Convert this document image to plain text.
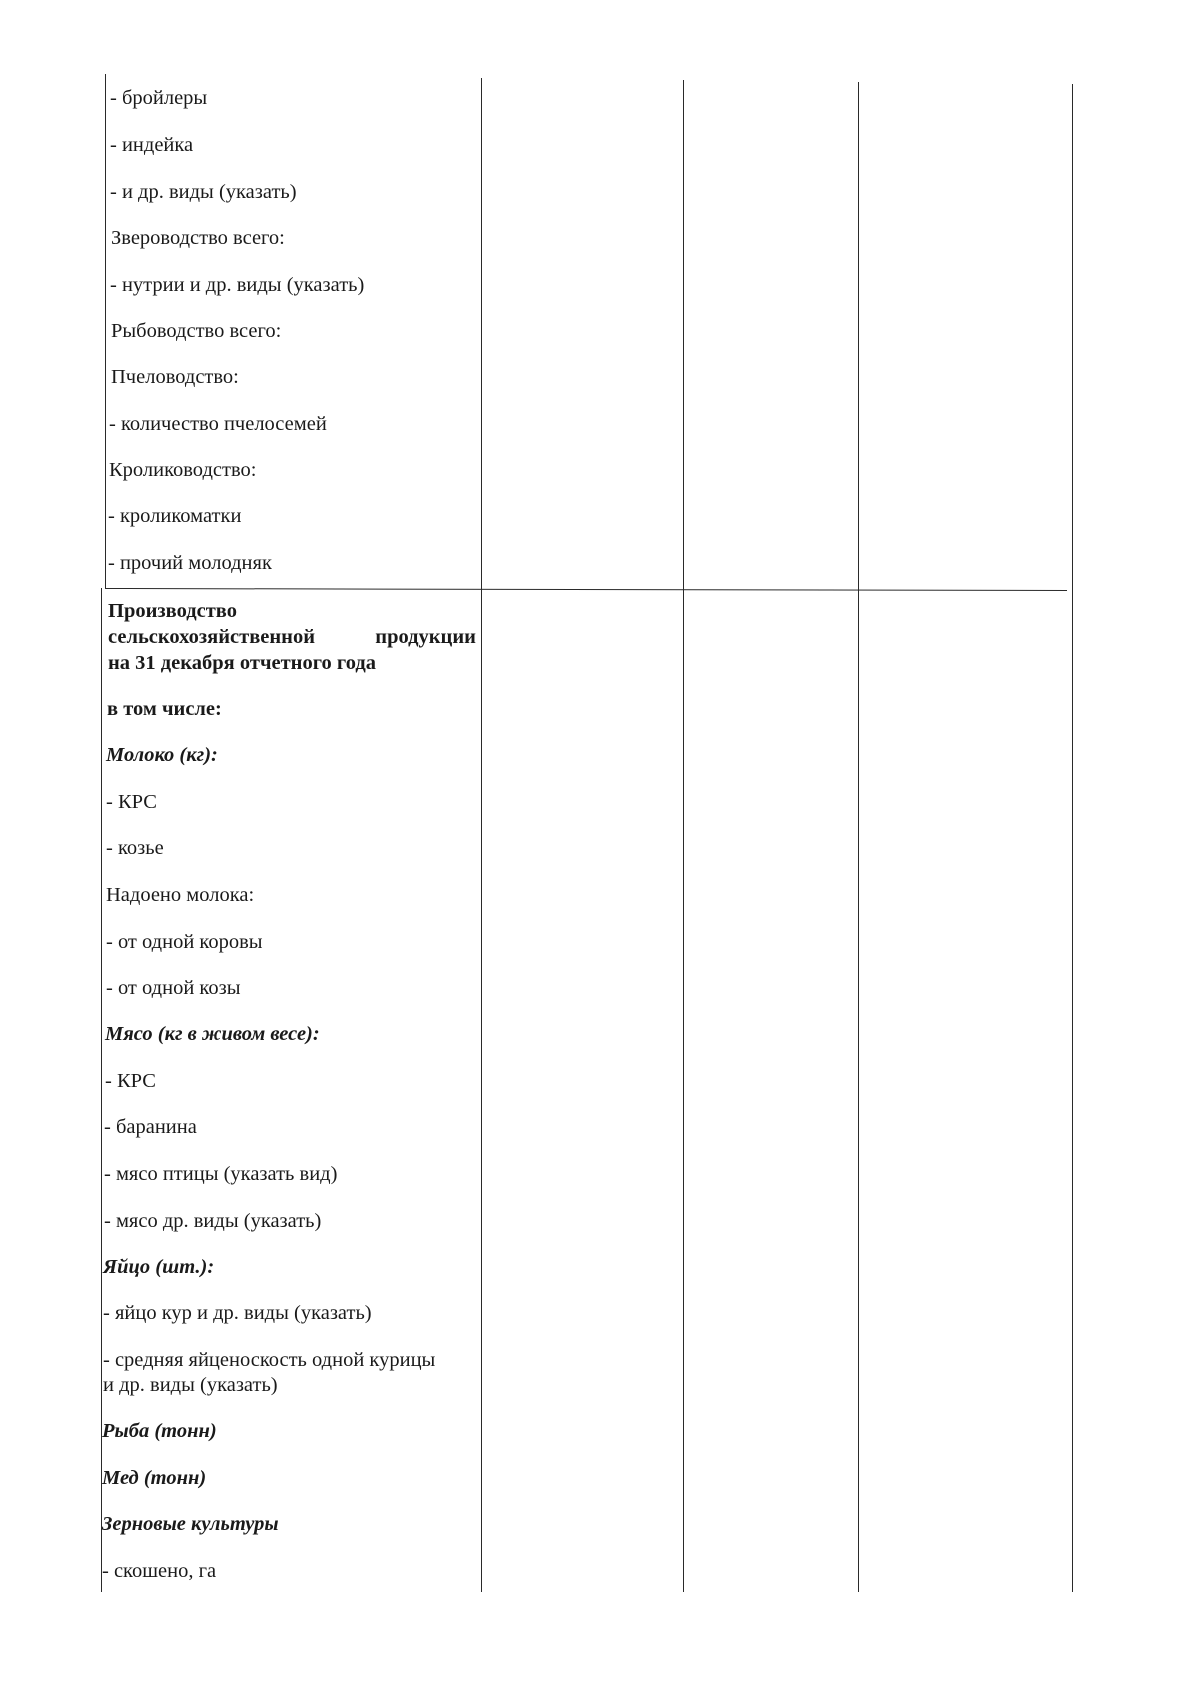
- бройлеры
- индейка
- и др. виды (указать)
Звероводство всего:
- нутрии и др. виды (указать)
Рыбоводство всего:
Пчеловодство:
- количество пчелосемей
Кролиководство:
- кроликоматки
- прочий молодняк
Производство
сельскохозяйственной продукции
на 31 декабря отчетного года
в том числе:
Молоко (кг):
- КРС
- козье
Надоено молока:
- от одной коровы
- от одной козы
Мясо (кг в живом весе):
- КРС
- баранина
- мясо птицы (указать вид)
- мясо др. виды (указать)
Яйцо (шт.):
- яйцо кур и др. виды (указать)
- средняя яйценоскость одной курицы
и др. виды (указать)
Рыба (тонн)
Мед (тонн)
Зерновые культуры
- скошено, га
